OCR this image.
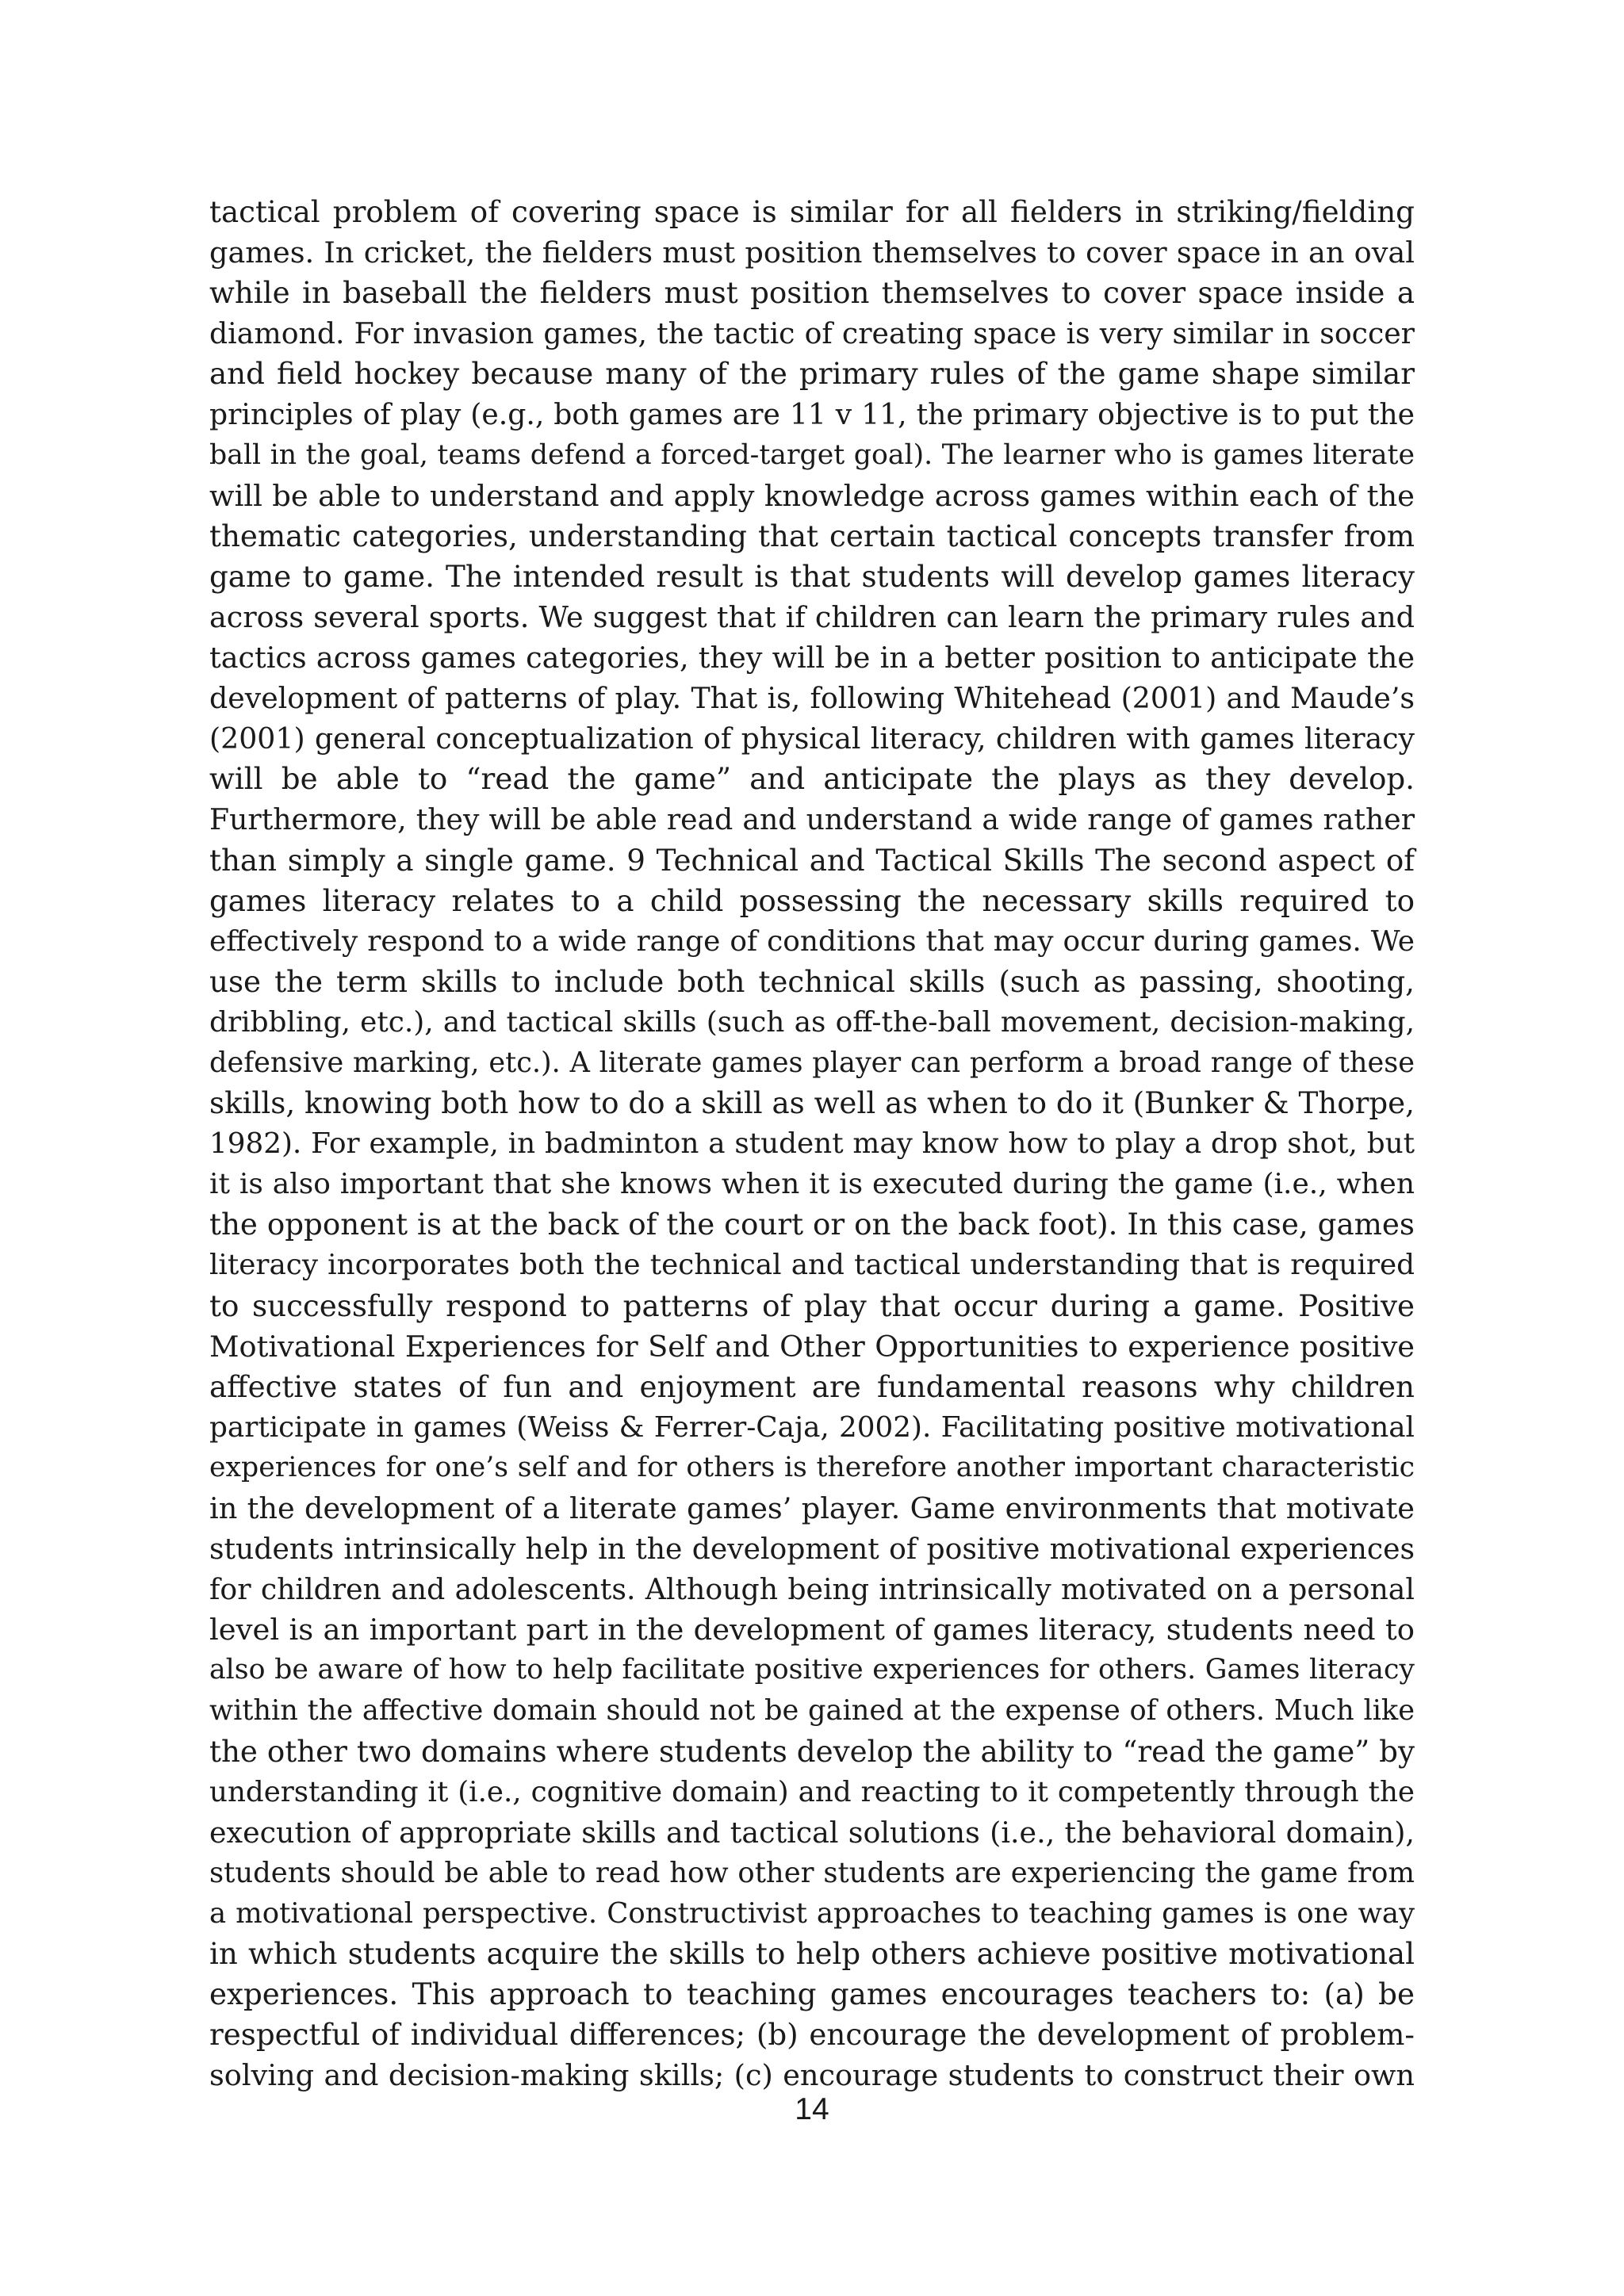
tactical problem of covering space is similar for all fielders in striking/fielding
games. In cricket, the fielders must position themselves to cover space in an oval
while in baseball the fielders must position themselves to cover space inside a
diamond. For invasion games, the tactic of creating space is very similar in soccer
and field hockey because many of the primary rules of the game shape similar
principles of play (e.g., both games are 11 v 11, the primary objective is to put the
ball in the goal, teams defend a forced-target goal). The learner who is games literate
will be able to understand and apply knowledge across games within each of the
thematic categories, understanding that certain tactical concepts transfer from
game to game. The intended result is that students will develop games literacy
across several sports. We suggest that if children can learn the primary rules and
tactics across games categories, they will be in a better position to anticipate the
development of patterns of play. That is, following Whitehead (2001) and Maude’s
(2001) general conceptualization of physical literacy, children with games literacy
will be able to “read the game” and anticipate the plays as they develop.
Furthermore, they will be able read and understand a wide range of games rather
than simply a single game. 9 Technical and Tactical Skills The second aspect of
games literacy relates to a child possessing the necessary skills required to
effectively respond to a wide range of conditions that may occur during games. We
use the term skills to include both technical skills (such as passing, shooting,
dribbling, etc.), and tactical skills (such as off-the-ball movement, decision-making,
defensive marking, etc.). A literate games player can perform a broad range of these
skills, knowing both how to do a skill as well as when to do it (Bunker & Thorpe,
1982). For example, in badminton a student may know how to play a drop shot, but
it is also important that she knows when it is executed during the game (i.e., when
the opponent is at the back of the court or on the back foot). In this case, games
literacy incorporates both the technical and tactical understanding that is required
to successfully respond to patterns of play that occur during a game. Positive
Motivational Experiences for Self and Other Opportunities to experience positive
affective states of fun and enjoyment are fundamental reasons why children
participate in games (Weiss & Ferrer-Caja, 2002). Facilitating positive motivational
experiences for one’s self and for others is therefore another important characteristic
in the development of a literate games’ player. Game environments that motivate
students intrinsically help in the development of positive motivational experiences
for children and adolescents. Although being intrinsically motivated on a personal
level is an important part in the development of games literacy, students need to
also be aware of how to help facilitate positive experiences for others. Games literacy
within the affective domain should not be gained at the expense of others. Much like
the other two domains where students develop the ability to “read the game” by
understanding it (i.e., cognitive domain) and reacting to it competently through the
execution of appropriate skills and tactical solutions (i.e., the behavioral domain),
students should be able to read how other students are experiencing the game from
a motivational perspective. Constructivist approaches to teaching games is one way
in which students acquire the skills to help others achieve positive motivational
experiences. This approach to teaching games encourages teachers to: (a) be
respectful of individual differences; (b) encourage the development of problem-
solving and decision-making skills; (c) encourage students to construct their own
14
